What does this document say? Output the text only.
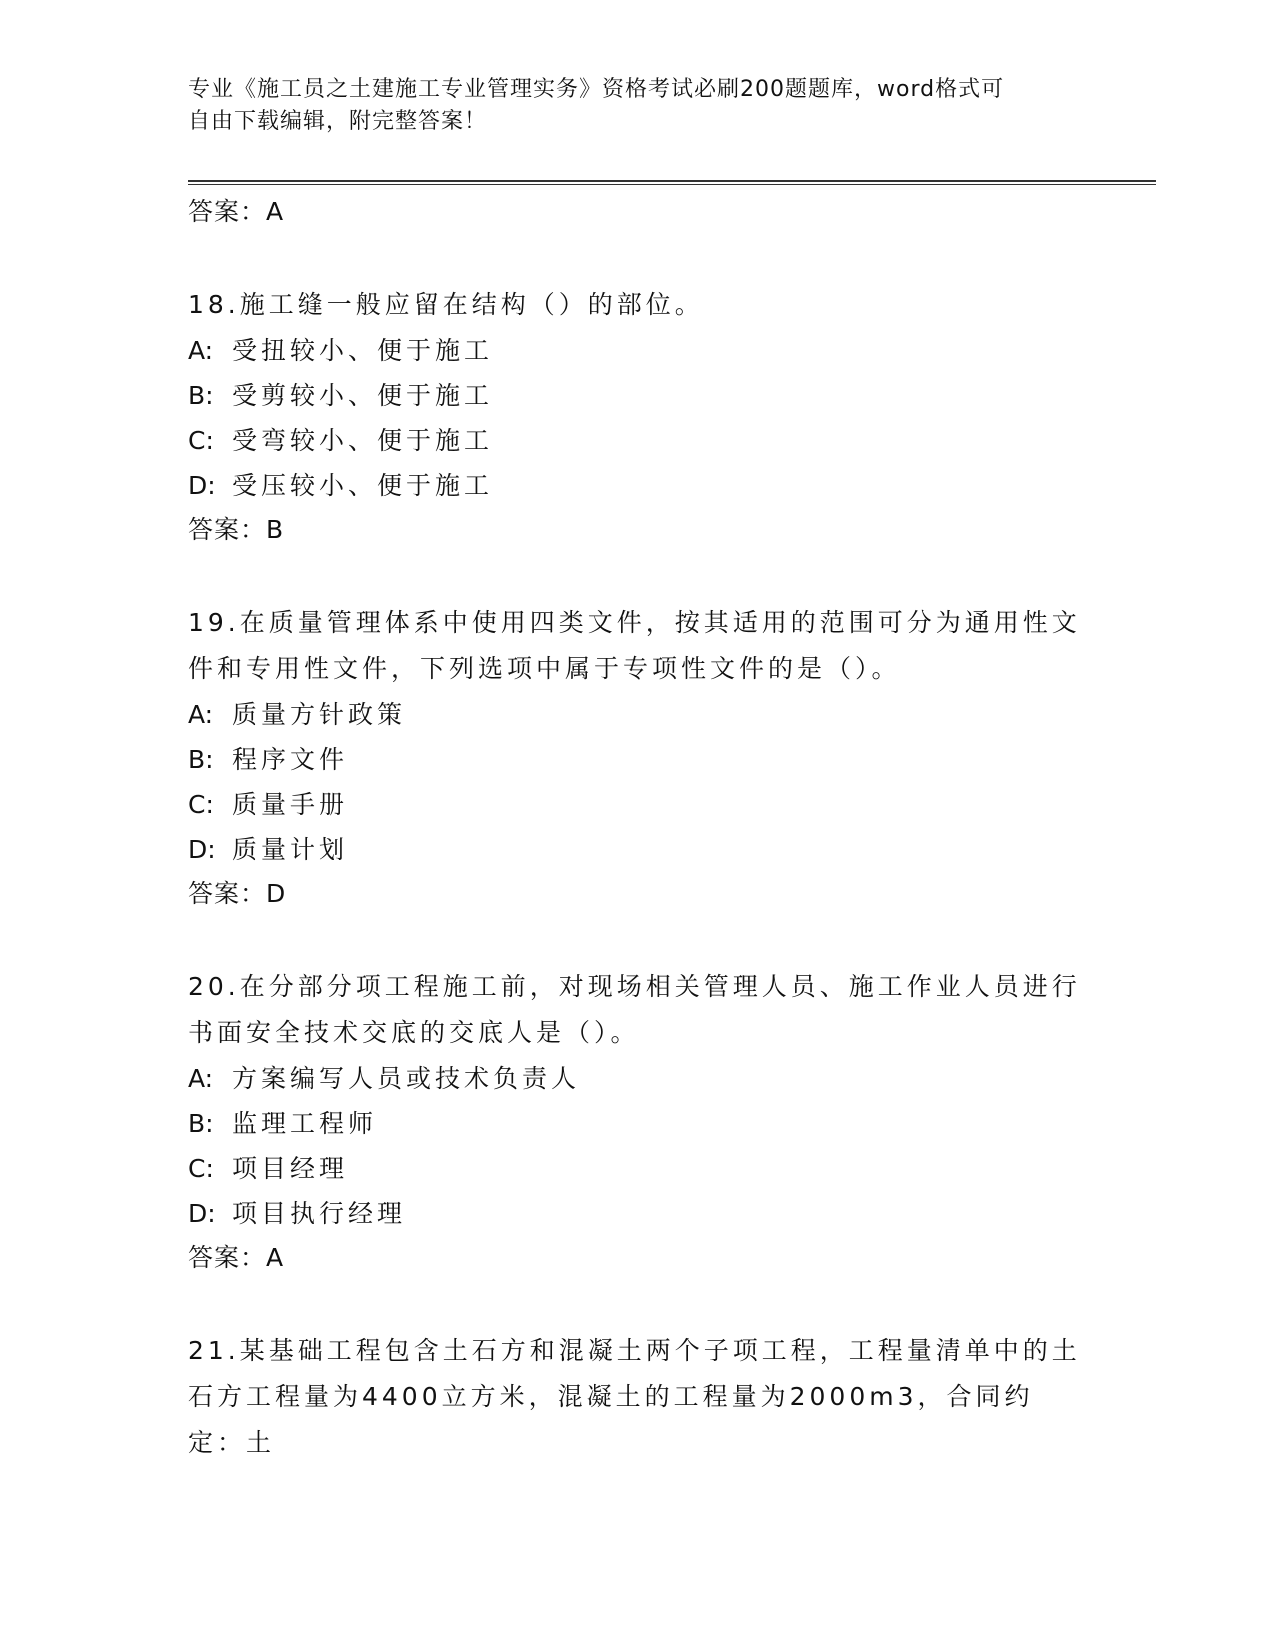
专业《施工员之土建施工专业管理实务》资格考试必刷200题题库，word格式可
自由下载编辑，附完整答案！

答案：A

18.施工缝一般应留在结构（）的部位。

A: 受扭较小、便于施工

B: 受剪较小、便于施工

C: 受弯较小、便于施工

D: 受压较小、便于施工

答案：B

19.在质量管理体系中使用四类文件，按其适用的范围可分为通用性文

件和专用性文件，下列选项中属于专项性文件的是（）。

A: 质量方针政策

B: 程序文件

C: 质量手册

D: 质量计划

答案：D

20.在分部分项工程施工前，对现场相关管理人员、施工作业人员进行

书面安全技术交底的交底人是（）。

A: 方案编写人员或技术负责人

B: 监理工程师

C: 项目经理

D: 项目执行经理

答案：A

21.某基础工程包含土石方和混凝土两个子项工程，工程量清单中的土

石方工程量为4400立方米，混凝土的工程量为2000m3，合同约定：土
